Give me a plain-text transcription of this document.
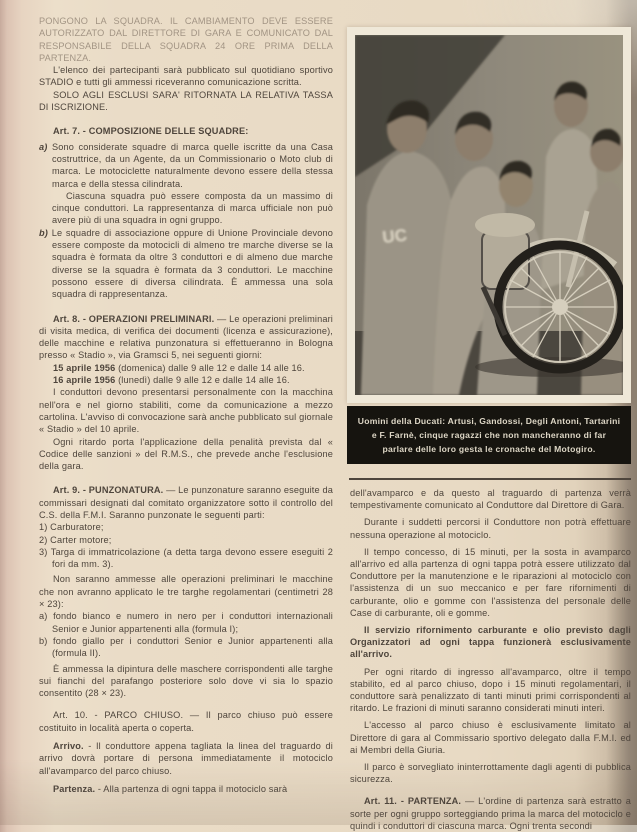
PONGONO LA SQUADRA. IL CAMBIAMENTO DEVE ESSERE AUTORIZZATO DAL DIRETTORE DI GARA E COMUNICATO DAL RESPONSABILE DELLA SQUADRA 24 ORE PRIMA DELLA PARTENZA.

L'elenco dei partecipanti sarà pubblicato sul quotidiano sportivo STADIO e tutti gli ammessi riceveranno comunicazione scritta.

SOLO AGLI ESCLUSI SARA' RITORNATA LA RELATIVA TASSA DI ISCRIZIONE.

Art. 7. - COMPOSIZIONE DELLE SQUADRE:

a) Sono considerate squadre di marca quelle iscritte da una Casa costruttrice, da un Agente, da un Commissionario o Moto club di marca. Le motociclette naturalmente devono essere della stessa marca e della stessa cilindrata.

Ciascuna squadra può essere composta da un massimo di cinque conduttori. La rappresentanza di marca ufficiale non può avere più di una squadra in ogni gruppo.

b) Le squadre di associazione oppure di Unione Provinciale devono essere composte da motocicli di almeno tre marche diverse se la squadra è formata da oltre 3 conduttori e di almeno due marche diverse se la squadra è formata da 3 conduttori. Le macchine possono essere di diversa cilindrata. È ammessa una sola squadra di rappresentanza.

Art. 8. - OPERAZIONI PRELIMINARI. — Le operazioni preliminari di visita medica, di verifica dei documenti (licenza e assicurazione), delle macchine e relativa punzonatura si effettueranno in Bologna presso « Stadio », via Gramsci 5, nei seguenti giorni:

15 aprile 1956 (domenica) dalle 9 alle 12 e dalle 14 alle 16.

16 aprile 1956 (lunedì) dalle 9 alle 12 e dalle 14 alle 16.

I conduttori devono presentarsi personalmente con la macchina nell'ora e nel giorno stabiliti, come da comunicazione a mezzo cartolina. L'avviso di convocazione sarà anche pubblicato sul giornale « Stadio » del 10 aprile.

Ogni ritardo porta l'applicazione della penalità prevista dal « Codice delle sanzioni » del R.M.S., che prevede anche l'esclusione della gara.

Art. 9. - PUNZONATURA. — Le punzonature saranno eseguite da commissari designati dal comitato organizzatore sotto il controllo del C.S. della F.M.I. Saranno punzonate le seguenti parti:

1) Carburatore;

2) Carter motore;

3) Targa di immatricolazione (a detta targa devono essere eseguiti 2 fori da mm. 3).

Non saranno ammesse alle operazioni preliminari le macchine che non avranno applicato le tre targhe regolamentari (centimetri 28 × 23):

a) fondo bianco e numero in nero per i conduttori internazionali Senior e Junior appartenenti alla (formula I);

b) fondo giallo per i conduttori Senior e Junior appartenenti alla (formula II).

È ammessa la dipintura delle maschere corrispondenti alle targhe sui fianchi del parafango posteriore solo dove vi sia lo spazio consentito (28 × 23).

Art. 10. - PARCO CHIUSO. — Il parco chiuso può essere costituito in località aperta o coperta.

Arrivo. - Il conduttore appena tagliata la linea del traguardo di arrivo dovrà portare di persona immediatamente il motociclo all'avamparco del parco chiuso.

Partenza. - Alla partenza di ogni tappa il motociclo sarà

UC
Uomini della Ducati: Artusi, Gandossi, Degli Antoni, Tartarini e F. Farnè, cinque ragazzi che non mancheranno di far parlare delle loro gesta le cronache del Motogiro.

dell'avamparco e da questo al traguardo di partenza verrà tempestivamente comunicato al Conduttore dal Direttore di Gara.

Durante i suddetti percorsi il Conduttore non potrà effettuare nessuna operazione al motociclo.

Il tempo concesso, di 15 minuti, per la sosta in avamparco all'arrivo ed alla partenza di ogni tappa potrà essere utilizzato dal Conduttore per la manutenzione e le riparazioni al motociclo con l'assistenza di un suo meccanico e per fare rifornimenti di carburante, olio e gomme con l'assistenza del personale delle Case di carburante, oli e gomme.

Il servizio rifornimento carburante e olio previsto dagli Organizzatori ad ogni tappa funzionerà esclusivamente all'arrivo.

Per ogni ritardo di ingresso all'avamparco, oltre il tempo stabilito, ed al parco chiuso, dopo i 15 minuti regolamentari, il conduttore sarà penalizzato di tanti minuti primi corrispondenti al ritardo. Le frazioni di minuti saranno considerati minuti interi.

L'accesso al parco chiuso è esclusivamente limitato al Direttore di gara al Commissario sportivo delegato dalla F.M.I. ed ai Membri della Giuria.

Il parco è sorvegliato ininterrottamente dagli agenti di pubblica sicurezza.

Art. 11. - PARTENZA. — L'ordine di partenza sarà estratto a sorte per ogni gruppo sorteggiando prima la marca del motociclo e quindi i conduttori di ciascuna marca. Ogni trenta secondi
